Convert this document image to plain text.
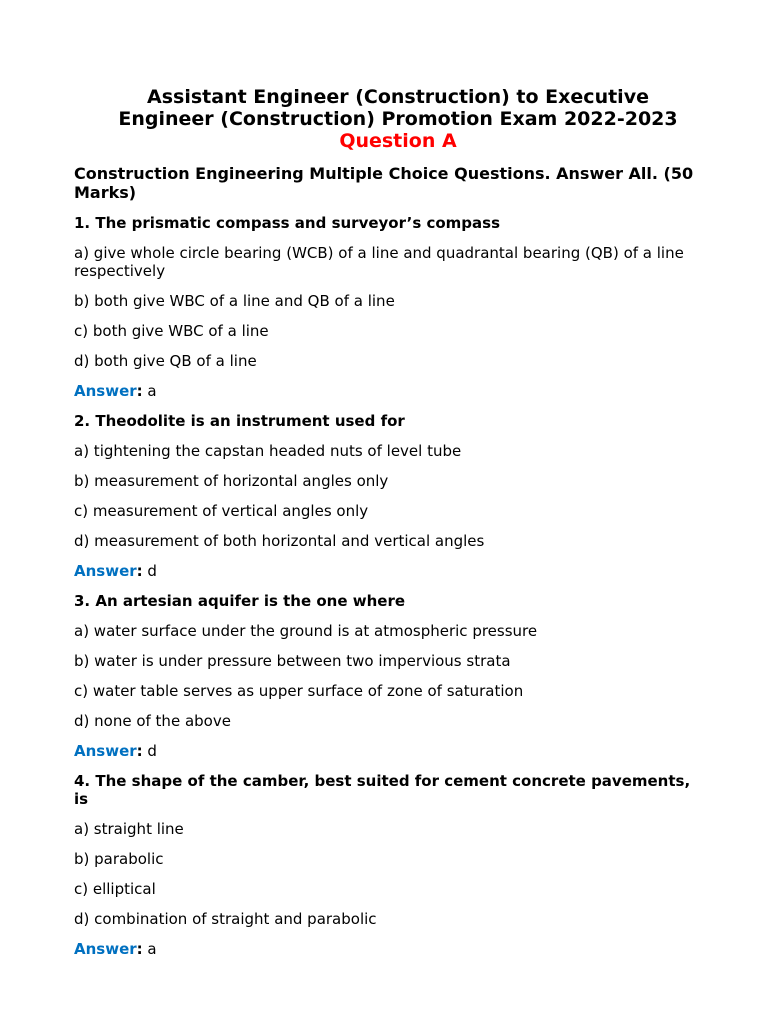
Assistant Engineer (Construction) to Executive
Engineer (Construction) Promotion Exam 2022-2023
Question A
Construction Engineering Multiple Choice Questions. Answer All. (50 Marks)
1. The prismatic compass and surveyor’s compass
a) give whole circle bearing (WCB) of a line and quadrantal bearing (QB) of a line respectively
b) both give WBC of a line and QB of a line
c) both give WBC of a line
d) both give QB of a line
Answer: a
2. Theodolite is an instrument used for
a) tightening the capstan headed nuts of level tube
b) measurement of horizontal angles only
c) measurement of vertical angles only
d) measurement of both horizontal and vertical angles
Answer: d
3. An artesian aquifer is the one where
a) water surface under the ground is at atmospheric pressure
b) water is under pressure between two impervious strata
c) water table serves as upper surface of zone of saturation
d) none of the above
Answer: d
4. The shape of the camber, best suited for cement concrete pavements, is
a) straight line
b) parabolic
c) elliptical
d) combination of straight and parabolic
Answer: a
